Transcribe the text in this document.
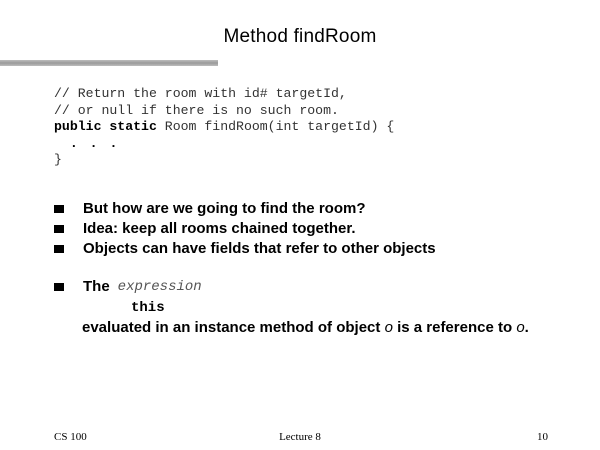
Method findRoom
// Return the room with id# targetId,
// or null if there is no such room.
public static Room findRoom(int targetId) {
. . .
}
But how are we going to find the room?
Idea: keep all rooms chained together.
Objects can have fields that refer to other objects
The expression
this
evaluated in an instance method of object o is a reference to o.
CS 100	Lecture 8	10
